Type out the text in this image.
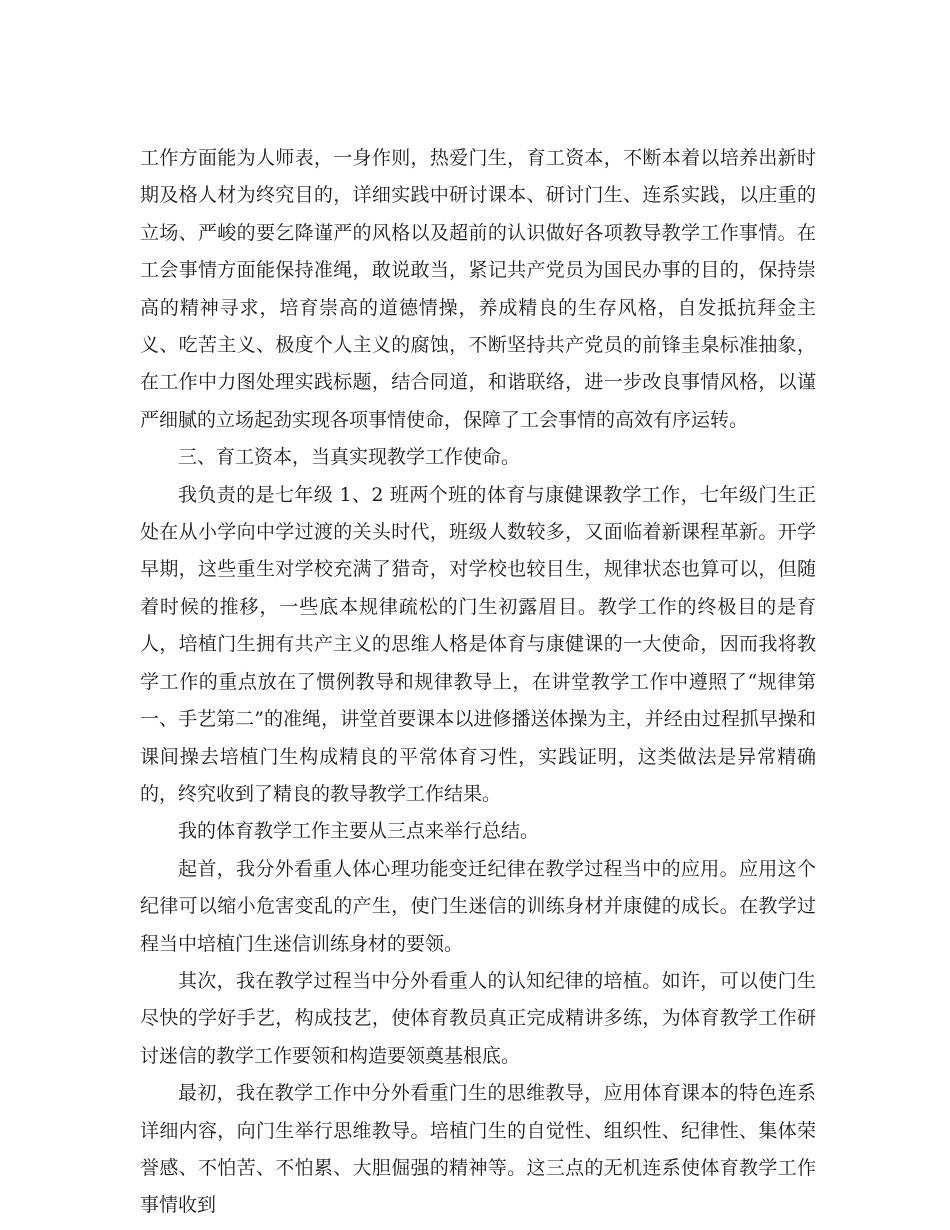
工作方面能为人师表，一身作则，热爱门生，育工资本，不断本着以培养出新时期及格人材为终究目的，详细实践中研讨课本、研讨门生、连系实践，以庄重的立场、严峻的要乞降谨严的风格以及超前的认识做好各项教导教学工作事情。在工会事情方面能保持准绳，敢说敢当，紧记共产党员为国民办事的目的，保持崇高的精神寻求，培育崇高的道德情操，养成精良的生存风格，自发抵抗拜金主义、吃苦主义、极度个人主义的腐蚀，不断坚持共产党员的前锋圭臬标准抽象，在工作中力图处理实践标题，结合同道，和谐联络，进一步改良事情风格，以谨严细腻的立场起劲实现各项事情使命，保障了工会事情的高效有序运转。

三、育工资本，当真实现教学工作使命。

我负责的是七年级 1、2 班两个班的体育与康健课教学工作，七年级门生正处在从小学向中学过渡的关头时代，班级人数较多，又面临着新课程革新。开学早期，这些重生对学校充满了猎奇，对学校也较目生，规律状态也算可以，但随着时候的推移，一些底本规律疏松的门生初露眉目。教学工作的终极目的是育人，培植门生拥有共产主义的思维人格是体育与康健课的一大使命，因而我将教学工作的重点放在了惯例教导和规律教导上，在讲堂教学工作中遵照了“规律第一、手艺第二”的准绳，讲堂首要课本以进修播送体操为主，并经由过程抓早操和课间操去培植门生构成精良的平常体育习性，实践证明，这类做法是异常精确的，终究收到了精良的教导教学工作结果。

我的体育教学工作主要从三点来举行总结。

起首，我分外看重人体心理功能变迁纪律在教学过程当中的应用。应用这个纪律可以缩小危害变乱的产生，使门生迷信的训练身材并康健的成长。在教学过程当中培植门生迷信训练身材的要领。

其次，我在教学过程当中分外看重人的认知纪律的培植。如许，可以使门生尽快的学好手艺，构成技艺，使体育教员真正完成精讲多练，为体育教学工作研讨迷信的教学工作要领和构造要领奠基根底。

最初，我在教学工作中分外看重门生的思维教导，应用体育课本的特色连系详细内容，向门生举行思维教导。培植门生的自觉性、组织性、纪律性、集体荣誉感、不怕苦、不怕累、大胆倔强的精神等。这三点的无机连系使体育教学工作事情收到
